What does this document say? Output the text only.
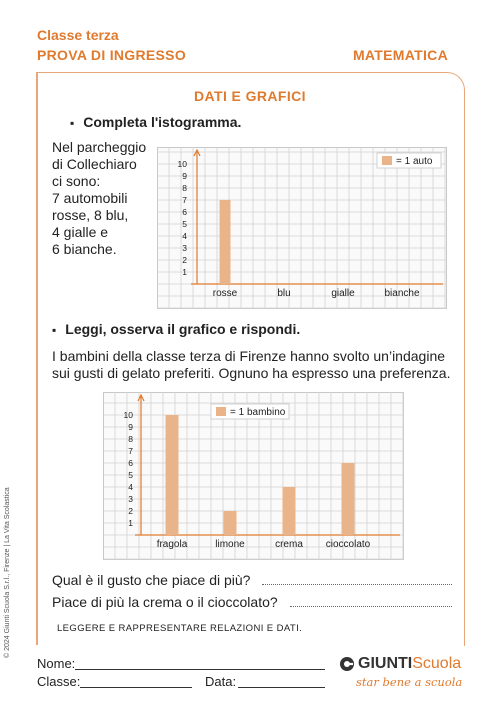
Classe terza
PROVA DI INGRESSO	MATEMATICA
DATI E GRAFICI
▪ Completa l'istogramma.
Nel parcheggio
di Collechiaro
ci sono:
7 automobili
rosse, 8 blu,
4 gialle e
6 bianche.
1
2
3
4
5
6
7
8
9
10
rosse	blu	gialle	bianche
= 1 auto
▪ Leggi, osserva il grafico e rispondi.
I bambini della classe terza di Firenze hanno svolto un’indagine
sui gusti di gelato preferiti. Ognuno ha espresso una preferenza.
1
2
3
4
5
6
7
8
9
10
fragola	limone	crema cioccolato
= 1 bambino
Qual è il gusto che piace di più?
Piace di più la crema o il cioccolato?
LEGGERE E RAPPRESENTARE RELAZIONI E DATI.
Nome:
Classe:	Data:
GIUNTIScuola
star bene a scuola
© 2024 Giunti Scuola S.r.l., Firenze | La Vita Scolastica
